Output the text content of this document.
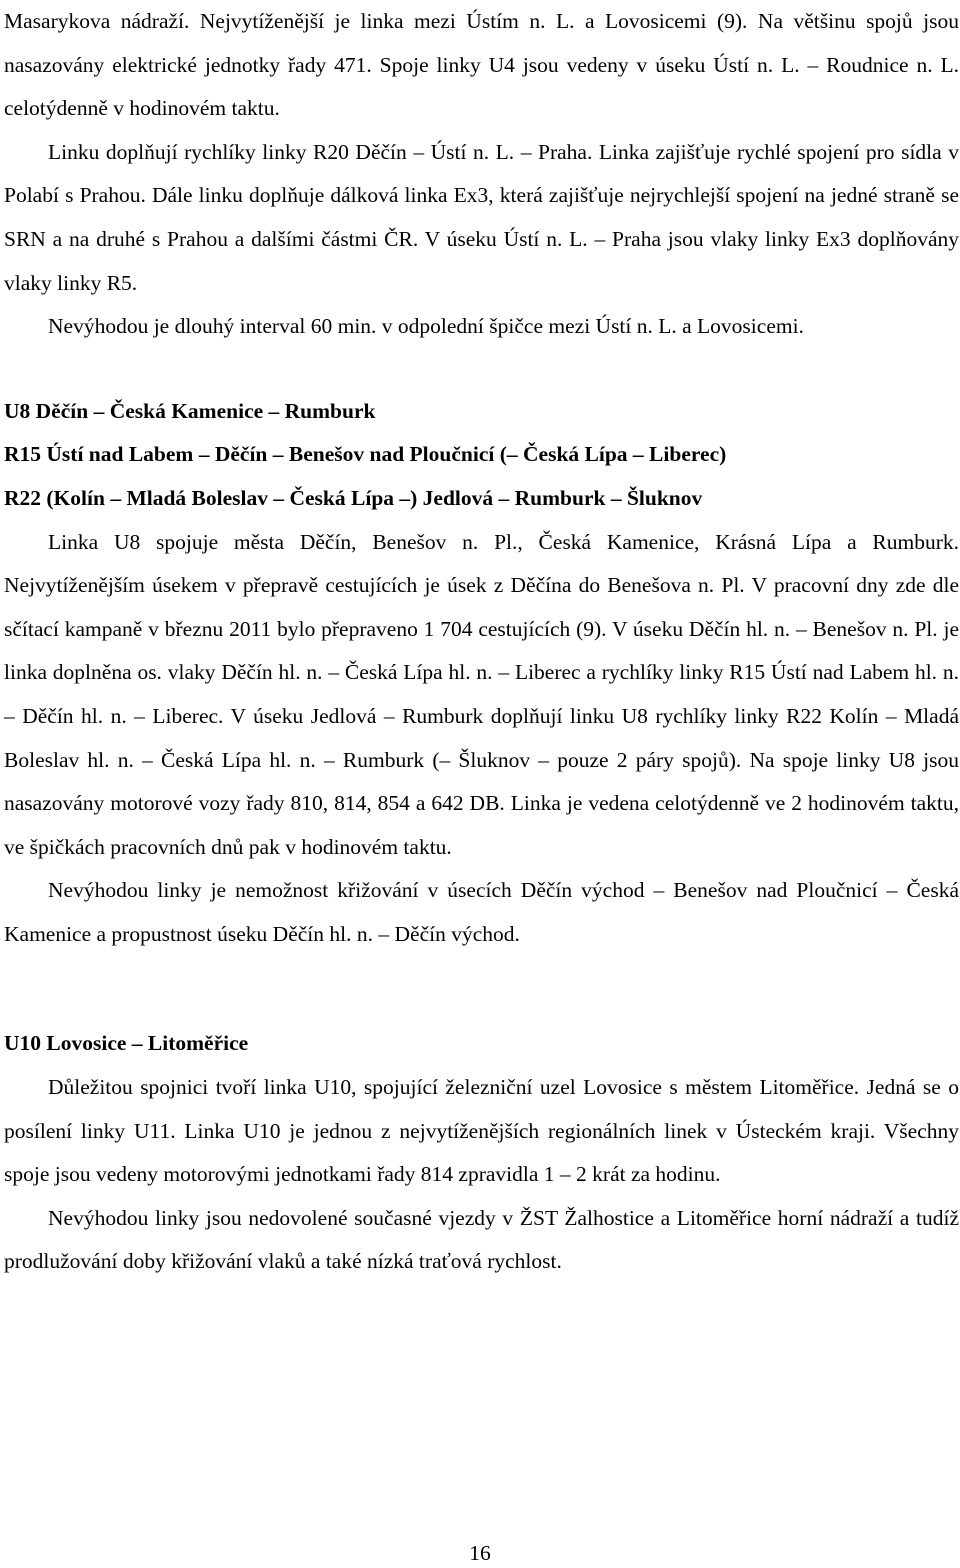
Masarykova nádraží. Nejvytíženější je linka mezi Ústím n. L. a Lovosicemi (9). Na většinu spojů jsou nasazovány elektrické jednotky řady 471. Spoje linky U4 jsou vedeny v úseku Ústí n. L. – Roudnice n. L. celotýdenně v hodinovém taktu.

Linku doplňují rychlíky linky R20 Děčín – Ústí n. L. – Praha. Linka zajišťuje rychlé spojení pro sídla v Polabí s Prahou. Dále linku doplňuje dálková linka Ex3, která zajišťuje nejrychlejší spojení na jedné straně se SRN a na druhé s Prahou a dalšími částmi ČR. V úseku Ústí n. L. – Praha jsou vlaky linky Ex3 doplňovány vlaky linky R5.

Nevýhodou je dlouhý interval 60 min. v odpolední špičce mezi Ústí n. L. a Lovosicemi.

U8 Děčín – Česká Kamenice – Rumburk
R15 Ústí nad Labem – Děčín – Benešov nad Ploučnicí (– Česká Lípa – Liberec)
R22 (Kolín – Mladá Boleslav – Česká Lípa –) Jedlová – Rumburk – Šluknov

Linka U8 spojuje města Děčín, Benešov n. Pl., Česká Kamenice, Krásná Lípa a Rumburk. Nejvytíženějším úsekem v přepravě cestujících je úsek z Děčína do Benešova n. Pl. V pracovní dny zde dle sčítací kampaně v březnu 2011 bylo přepraveno 1 704 cestujících (9). V úseku Děčín hl. n. – Benešov n. Pl. je linka doplněna os. vlaky Děčín hl. n. – Česká Lípa hl. n. – Liberec a rychlíky linky R15 Ústí nad Labem hl. n. – Děčín hl. n. – Liberec. V úseku Jedlová – Rumburk doplňují linku U8 rychlíky linky R22 Kolín – Mladá Boleslav hl. n. – Česká Lípa hl. n. – Rumburk (– Šluknov – pouze 2 páry spojů). Na spoje linky U8 jsou nasazovány motorové vozy řady 810, 814, 854 a 642 DB. Linka je vedena celotýdenně ve 2 hodinovém taktu, ve špičkách pracovních dnů pak v hodinovém taktu.

Nevýhodou linky je nemožnost křižování v úsecích Děčín východ – Benešov nad Ploučnicí – Česká Kamenice a propustnost úseku Děčín hl. n. – Děčín východ.

U10 Lovosice – Litoměřice

Důležitou spojnici tvoří linka U10, spojující železniční uzel Lovosice s městem Litoměřice. Jedná se o posílení linky U11. Linka U10 je jednou z nejvytíženějších regionálních linek v Ústeckém kraji. Všechny spoje jsou vedeny motorovými jednotkami řady 814 zpravidla 1 – 2 krát za hodinu.

Nevýhodou linky jsou nedovolené současné vjezdy v ŽST Žalhostice a Litoměřice horní nádraží a tudíž prodlužování doby křižování vlaků a také nízká traťová rychlost.

16
